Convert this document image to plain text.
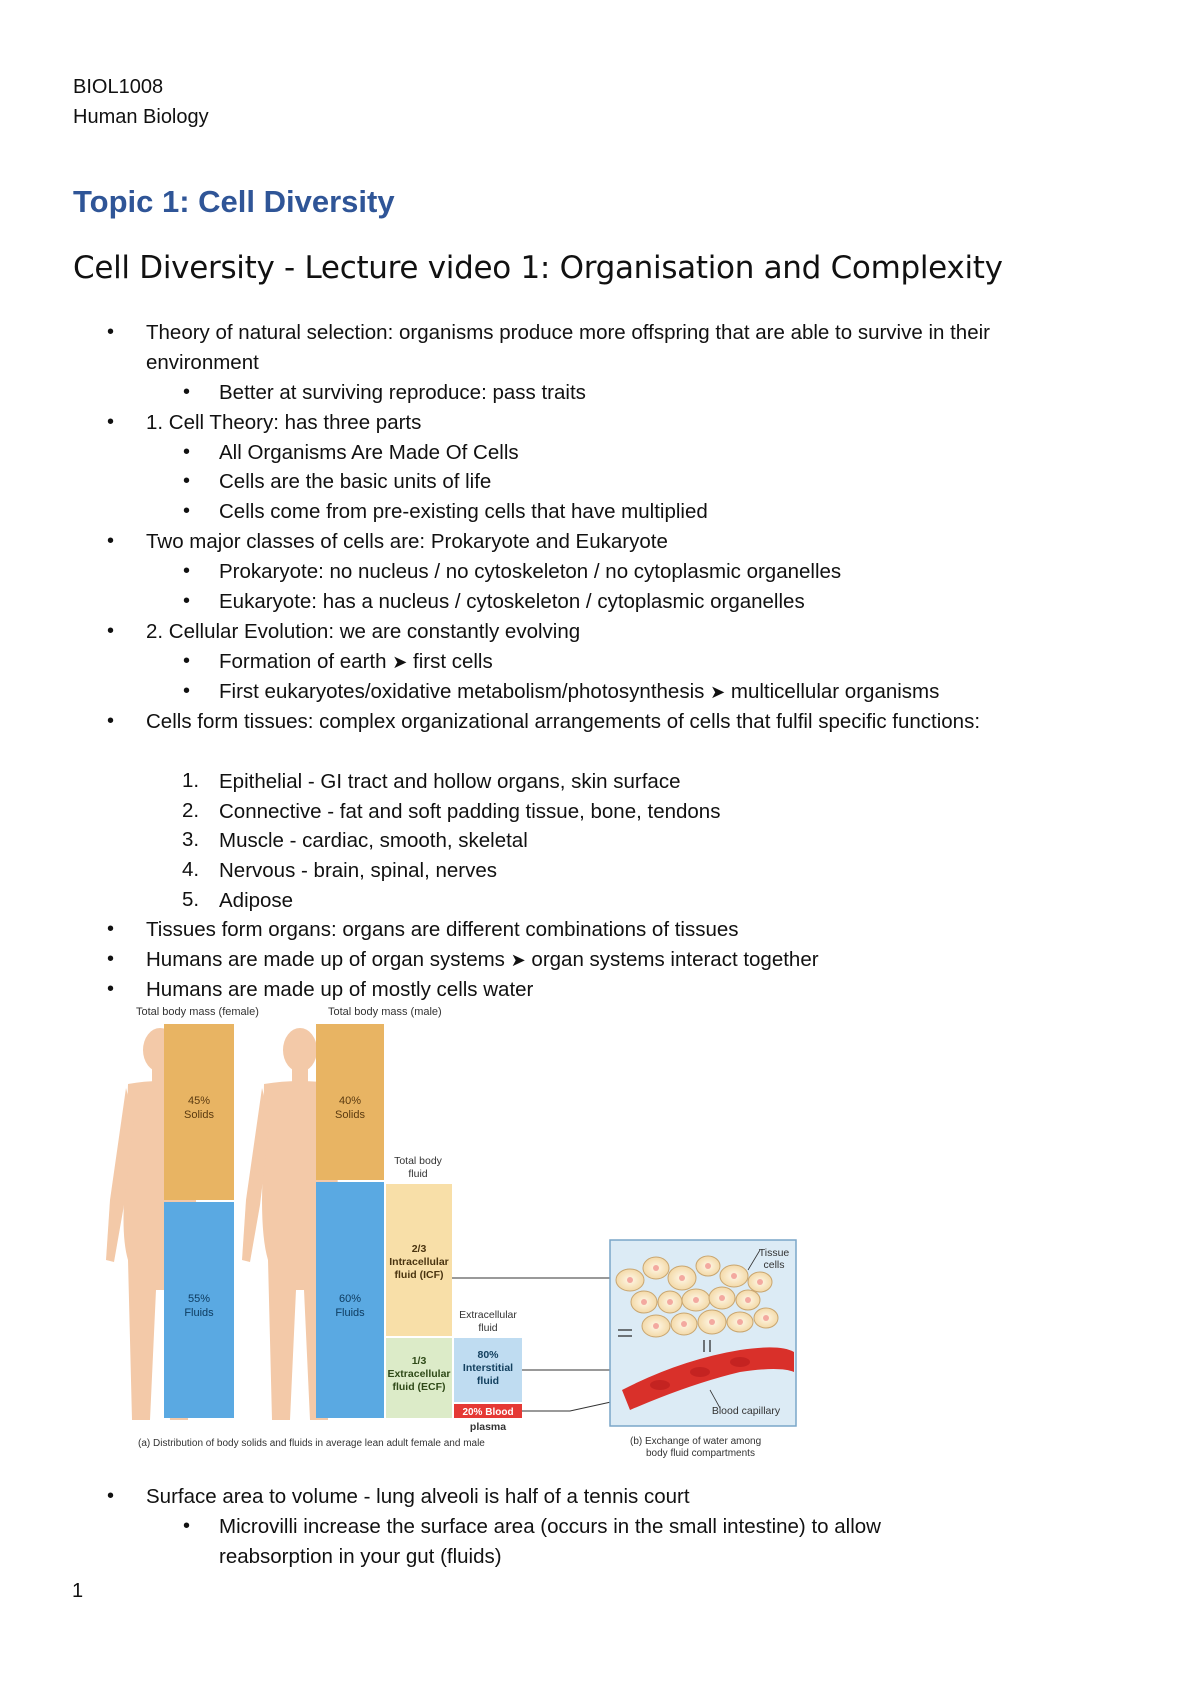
BIOL1008
Human Biology
Topic 1: Cell Diversity
Cell Diversity - Lecture video 1: Organisation and Complexity
• Theory of natural selection: organisms produce more offspring that are able to survive in their
environment
• Better at surviving reproduce: pass traits
• 1. Cell Theory: has three parts
• All Organisms Are Made Of Cells
• Cells are the basic units of life
• Cells come from pre-existing cells that have multiplied
• Two major classes of cells are: Prokaryote and Eukaryote
• Prokaryote: no nucleus / no cytoskeleton / no cytoplasmic organelles
• Eukaryote: has a nucleus / cytoskeleton / cytoplasmic organelles
• 2. Cellular Evolution: we are constantly evolving
• Formation of earth ➤ first cells
• First eukaryotes/oxidative metabolism/photosynthesis ➤ multicellular organisms
• Cells form tissues: complex organizational arrangements of cells that fulfil specific functions:
1. Epithelial - GI tract and hollow organs, skin surface
2. Connective - fat and soft padding tissue, bone, tendons
3. Muscle - cardiac, smooth, skeletal
4. Nervous - brain, spinal, nerves
5. Adipose
• Tissues form organs: organs are different combinations of tissues
• Humans are made up of organ systems ➤ organ systems interact together
• Humans are made up of mostly cells water
Total body mass (female)	Total body mass (male)
45%
Solids
55%
Fluids
40%
Solids
60%
Fluids
Total body
fluid
2/3
Intracellular
fluid (ICF)
1/3
Extracellular
fluid (ECF)
Extracellular
fluid
80%
Interstitial
fluid
20% Blood
plasma
Tissue
cells
Blood capillary
(a) Distribution of body solids and fluids in average lean adult female and male	(b) Exchange of water among
body fluid compartments
• Surface area to volume - lung alveoli is half of a tennis court
• Microvilli increase the surface area (occurs in the small intestine) to allow
reabsorption in your gut (fluids)
1
